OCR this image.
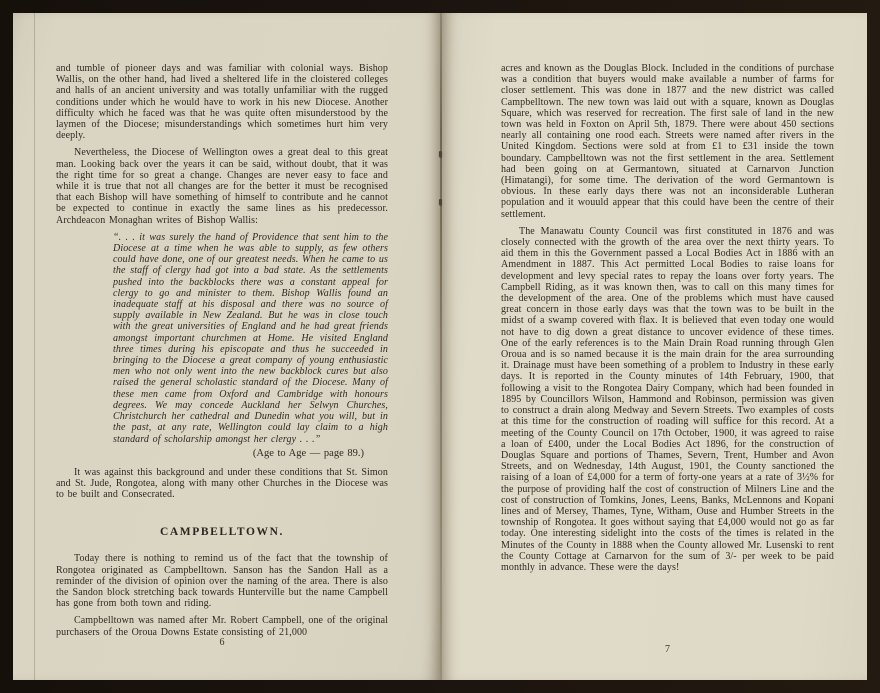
and tumble of pioneer days and was familiar with colonial ways. Bishop Wallis, on the other hand, had lived a sheltered life in the cloistered colleges and halls of an ancient university and was totally unfamiliar with the rugged conditions under which he would have to work in his new Diocese. Another difficulty which he faced was that he was quite often misunderstood by the laymen of the Diocese; misunderstandings which sometimes hurt him very deeply.

Nevertheless, the Diocese of Wellington owes a great deal to this great man. Looking back over the years it can be said, without doubt, that it was the right time for so great a change. Changes are never easy to face and while it is true that not all changes are for the better it must be recognised that each Bishop will have something of himself to contribute and he cannot be expected to continue in exactly the same lines as his predecessor. Archdeacon Monaghan writes of Bishop Wallis:

“. . . it was surely the hand of Providence that sent him to the Diocese at a time when he was able to supply, as few others could have done, one of our greatest needs. When he came to us the staff of clergy had got into a bad state. As the settlements pushed into the backblocks there was a constant appeal for clergy to go and minister to them. Bishop Wallis found an inadequate staff at his disposal and there was no source of supply available in New Zealand. But he was in close touch with the great universities of England and he had great friends amongst important churchmen at Home. He visited England three times during his episcopate and thus he succeeded in bringing to the Diocese a great company of young enthusiastic men who not only went into the new backblock cures but also raised the general scholastic standard of the Diocese. Many of these men came from Oxford and Cambridge with honours degrees. We may concede Auckland her Selwyn Churches, Christchurch her cathedral and Dunedin what you will, but in the past, at any rate, Wellington could lay claim to a high standard of scholarship amongst her clergy . . .”
(Age to Age — page 89.)

It was against this background and under these conditions that St. Simon and St. Jude, Rongotea, along with many other Churches in the Diocese was to be built and Consecrated.

CAMPBELLTOWN.

Today there is nothing to remind us of the fact that the township of Rongotea originated as Campbelltown. Sanson has the Sandon Hall as a reminder of the division of opinion over the naming of the area. There is also the Sandon block stretching back towards Hunterville but the name Campbell has gone from both town and riding.

Campbelltown was named after Mr. Robert Campbell, one of the original purchasers of the Oroua Downs Estate consisting of 21,000

6

acres and known as the Douglas Block. Included in the conditions of purchase was a condition that buyers would make available a number of farms for closer settlement. This was done in 1877 and the new district was called Campbelltown. The new town was laid out with a square, known as Douglas Square, which was reserved for recreation. The first sale of land in the new town was held in Foxton on April 5th, 1879. There were about 450 sections nearly all containing one rood each. Streets were named after rivers in the United Kingdom. Sections were sold at from £1 to £31 inside the town boundary. Campbelltown was not the first settlement in the area. Settlement had been going on at Germantown, situated at Carnarvon Junction (Himatangi), for some time. The derivation of the word Germantown is obvious. In these early days there was not an inconsiderable Lutheran population and it wouuld appear that this could have been the centre of their settlement.

The Manawatu County Council was first constituted in 1876 and was closely connected with the growth of the area over the next thirty years. To aid them in this the Government passed a Local Bodies Act in 1886 with an Amendment in 1887. This Act permitted Local Bodies to raise loans for development and levy special rates to repay the loans over forty years. The Campbell Riding, as it was known then, was to call on this many times for the development of the area. One of the problems which must have caused great concern in those early days was that the town was to be built in the midst of a swamp covered with flax. It is believed that even today one would not have to dig down a great distance to uncover evidence of these times. One of the early references is to the Main Drain Road running through Glen Oroua and is so named because it is the main drain for the area surrounding it. Drainage must have been something of a problem to Industry in these early days. It is reported in the County minutes of 14th February, 1900, that following a visit to the Rongotea Dairy Company, which had been founded in 1895 by Councillors Wilson, Hammond and Robinson, permission was given to construct a drain along Medway and Severn Streets. Two examples of costs at this time for the construction of roading will suffice for this record. At a meeting of the County Council on 17th October, 1900, it was agreed to raise a loan of £400, under the Local Bodies Act 1896, for the construction of Douglas Square and portions of Thames, Severn, Trent, Humber and Avon Streets, and on Wednesday, 14th August, 1901, the County sanctioned the raising of a loan of £4,000 for a term of forty-one years at a rate of 3½% for the purpose of providing half the cost of construction of Milners Line and the cost of construction of Tomkins, Jones, Leens, Banks, McLennons and Kopani lines and of Mersey, Thames, Tyne, Witham, Ouse and Humber Streets in the township of Rongotea. It goes without saying that £4,000 would not go as far today. One interesting sidelight into the costs of the times is related in the Minutes of the County in 1888 when the County allowed Mr. Lusenski to rent the County Cottage at Carnarvon for the sum of 3/- per week to be paid monthly in advance. These were the days!

7
